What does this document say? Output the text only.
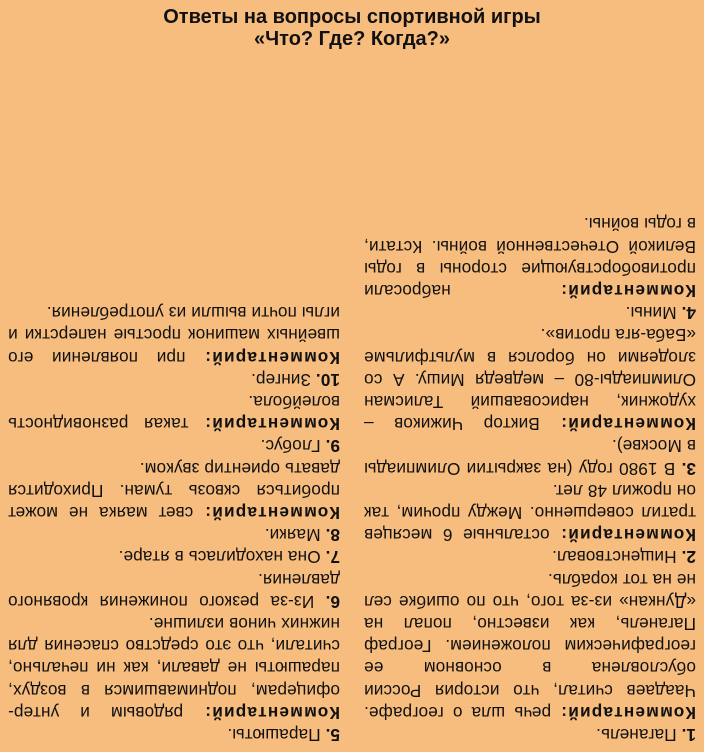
Ответы на вопросы спортивной игры
«Что? Где? Когда?»

1. Паганель.

Комментарий: речь шла о географе. Чаадаев считал, что история России обусловлена в основном ее географическим положением. Географ Паганель, как известно, попал на «Дункан» из-за того, что по ошибке сел не на тот корабль.

2. Нищенствовал.

Комментарий: остальные 6 месяцев тратил совершенно. Между прочим, так он прожил 48 лет.

3. В 1980 году (на закрытии Олимпиады в Москве).

Комментарий: Виктор Чижиков – художник, нарисовавший Талисман Олимпиады-80 – медведя Мишу. А со злодеями он боролся в мультфильме «Баба-яга против».

4. Мины.

Комментарий: набросали противоборствующие стороны в годы Великой Отечественной войны. Кстати, в годы войны.

5. Парашюты.

Комментарий: рядовым и унтер-офицерам, поднимавшимся в воздух, парашюты не давали, как ни печально, считали, что это средство спасения для нижних чинов излишне.

6. Из-за резкого понижения кровяного давления.

7. Она находилась в ятаре.

8. Маяки.

Комментарий: свет маяка не может пробиться сквозь туман. Приходится давать ориентир звуком.

9. Глобус.

Комментарий: такая разновидность волейбола.

10. Зингер.

Комментарий: при появлении его швейных машинок простые наперстки и иглы почти вышли из употребления.
